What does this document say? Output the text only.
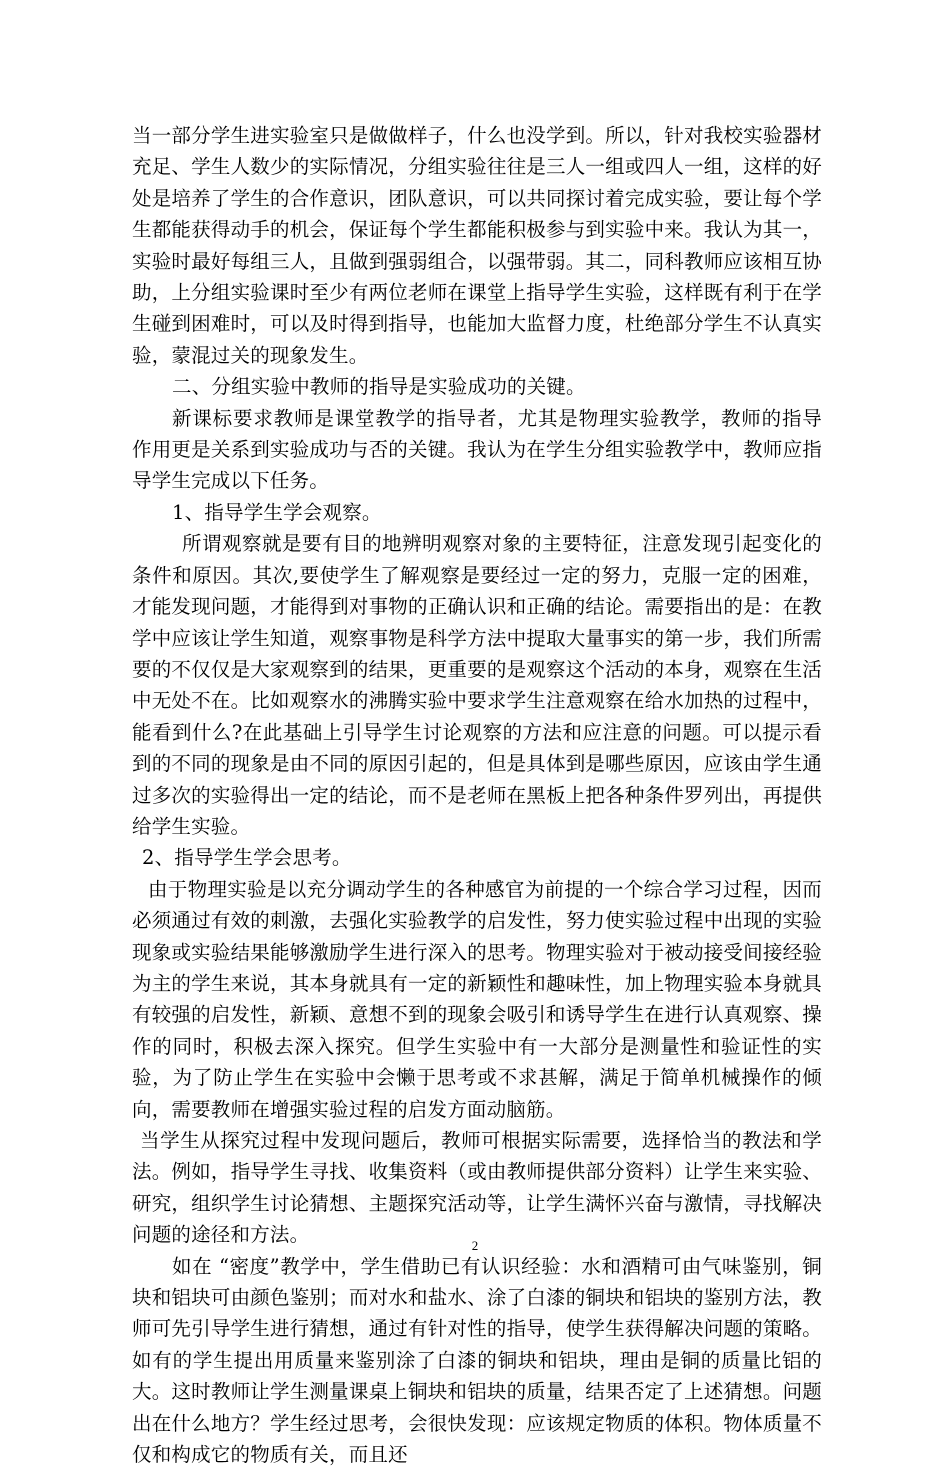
当一部分学生进实验室只是做做样子，什么也没学到。所以，针对我校实验器材充足、学生人数少的实际情况，分组实验往往是三人一组或四人一组，这样的好处是培养了学生的合作意识，团队意识，可以共同探讨着完成实验，要让每个学生都能获得动手的机会，保证每个学生都能积极参与到实验中来。我认为其一，实验时最好每组三人，且做到强弱组合，以强带弱。其二，同科教师应该相互协助，上分组实验课时至少有两位老师在课堂上指导学生实验，这样既有利于在学生碰到困难时，可以及时得到指导，也能加大监督力度，杜绝部分学生不认真实验，蒙混过关的现象发生。

二、分组实验中教师的指导是实验成功的关键。

新课标要求教师是课堂教学的指导者，尤其是物理实验教学，教师的指导作用更是关系到实验成功与否的关键。我认为在学生分组实验教学中，教师应指导学生完成以下任务。

1、指导学生学会观察。

所谓观察就是要有目的地辨明观察对象的主要特征，注意发现引起变化的条件和原因。其次,要使学生了解观察是要经过一定的努力，克服一定的困难，才能发现问题，才能得到对事物的正确认识和正确的结论。需要指出的是：在教学中应该让学生知道，观察事物是科学方法中提取大量事实的第一步，我们所需要的不仅仅是大家观察到的结果，更重要的是观察这个活动的本身，观察在生活中无处不在。比如观察水的沸腾实验中要求学生注意观察在给水加热的过程中，能看到什么?在此基础上引导学生讨论观察的方法和应注意的问题。可以提示看到的不同的现象是由不同的原因引起的，但是具体到是哪些原因，应该由学生通过多次的实验得出一定的结论，而不是老师在黑板上把各种条件罗列出，再提供给学生实验。

2、指导学生学会思考。

由于物理实验是以充分调动学生的各种感官为前提的一个综合学习过程，因而必须通过有效的刺激，去强化实验教学的启发性，努力使实验过程中出现的实验现象或实验结果能够激励学生进行深入的思考。物理实验对于被动接受间接经验为主的学生来说，其本身就具有一定的新颖性和趣味性，加上物理实验本身就具有较强的启发性，新颖、意想不到的现象会吸引和诱导学生在进行认真观察、操作的同时，积极去深入探究。但学生实验中有一大部分是测量性和验证性的实验，为了防止学生在实验中会懒于思考或不求甚解，满足于简单机械操作的倾向，需要教师在增强实验过程的启发方面动脑筋。

当学生从探究过程中发现问题后，教师可根据实际需要，选择恰当的教法和学法。例如，指导学生寻找、收集资料（或由教师提供部分资料）让学生来实验、研究，组织学生讨论猜想、主题探究活动等，让学生满怀兴奋与激情，寻找解决问题的途径和方法。

如在 “密度”教学中，学生借助已有认识经验：水和酒精可由气味鉴别，铜块和铝块可由颜色鉴别；而对水和盐水、涂了白漆的铜块和铝块的鉴别方法，教师可先引导学生进行猜想，通过有针对性的指导，使学生获得解决问题的策略。如有的学生提出用质量来鉴别涂了白漆的铜块和铝块，理由是铜的质量比铝的大。这时教师让学生测量课桌上铜块和铝块的质量，结果否定了上述猜想。问题出在什么地方？学生经过思考，会很快发现：应该规定物质的体积。物体质量不仅和构成它的物质有关，而且还

2
